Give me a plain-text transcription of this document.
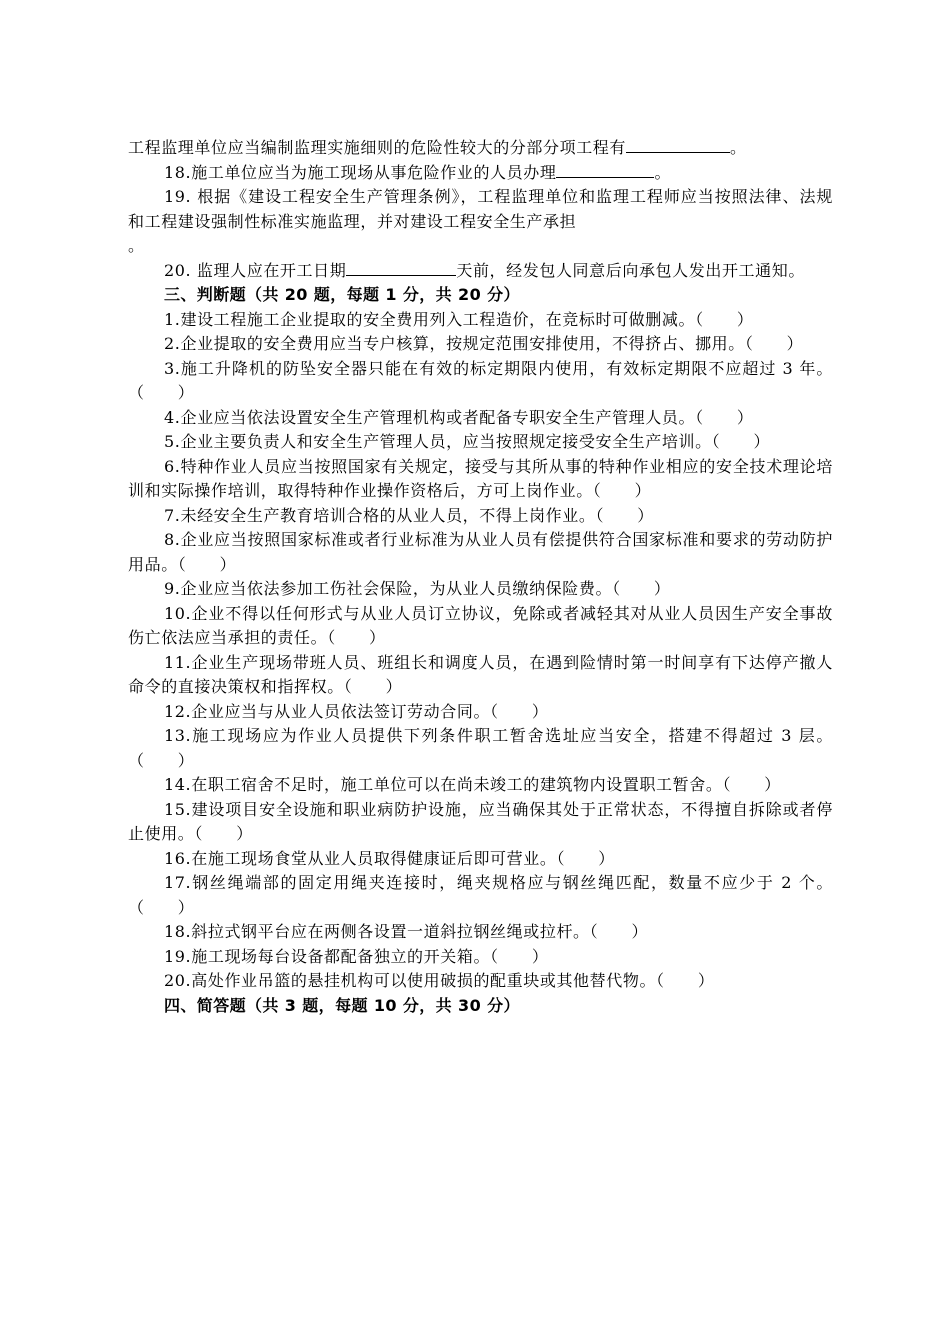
工程监理单位应当编制监理实施细则的危险性较大的分部分项工程有	。

18.施工单位应当为施工现场从事危险作业的人员办理	。

19. 根据《建设工程安全生产管理条例》，工程监理单位和监理工程师应当按照法律、法规和工程建设强制性标准实施监理，并对建设工程安全生产承担
。

20. 监理人应在开工日期	天前，经发包人同意后向承包人发出开工通知。

三、判断题（共 20 题，每题 1 分，共 20 分）

1.建设工程施工企业提取的安全费用列入工程造价，在竞标时可做删减。（　　）

2.企业提取的安全费用应当专户核算，按规定范围安排使用，不得挤占、挪用。（　　）

3.施工升降机的防坠安全器只能在有效的标定期限内使用，有效标定期限不应超过 3 年。（　　）

4.企业应当依法设置安全生产管理机构或者配备专职安全生产管理人员。（　　）

5.企业主要负责人和安全生产管理人员，应当按照规定接受安全生产培训。（　　）

6.特种作业人员应当按照国家有关规定，接受与其所从事的特种作业相应的安全技术理论培训和实际操作培训，取得特种作业操作资格后，方可上岗作业。（　　）

7.未经安全生产教育培训合格的从业人员，不得上岗作业。（　　）

8.企业应当按照国家标准或者行业标准为从业人员有偿提供符合国家标准和要求的劳动防护用品。（　　）

9.企业应当依法参加工伤社会保险，为从业人员缴纳保险费。（　　）

10.企业不得以任何形式与从业人员订立协议，免除或者减轻其对从业人员因生产安全事故伤亡依法应当承担的责任。（　　）

11.企业生产现场带班人员、班组长和调度人员，在遇到险情时第一时间享有下达停产撤人命令的直接决策权和指挥权。（　　）

12.企业应当与从业人员依法签订劳动合同。（　　）

13.施工现场应为作业人员提供下列条件职工暂舍选址应当安全，搭建不得超过 3 层。（　　）

14.在职工宿舍不足时，施工单位可以在尚未竣工的建筑物内设置职工暂舍。（　　）

15.建设项目安全设施和职业病防护设施，应当确保其处于正常状态，不得擅自拆除或者停止使用。（　　）

16.在施工现场食堂从业人员取得健康证后即可营业。（　　）

17.钢丝绳端部的固定用绳夹连接时，绳夹规格应与钢丝绳匹配，数量不应少于 2 个。（　　）

18.斜拉式钢平台应在两侧各设置一道斜拉钢丝绳或拉杆。（　　）

19.施工现场每台设备都配备独立的开关箱。（　　）

20.高处作业吊篮的悬挂机构可以使用破损的配重块或其他替代物。（　　）

四、简答题（共 3 题，每题 10 分，共 30 分）
